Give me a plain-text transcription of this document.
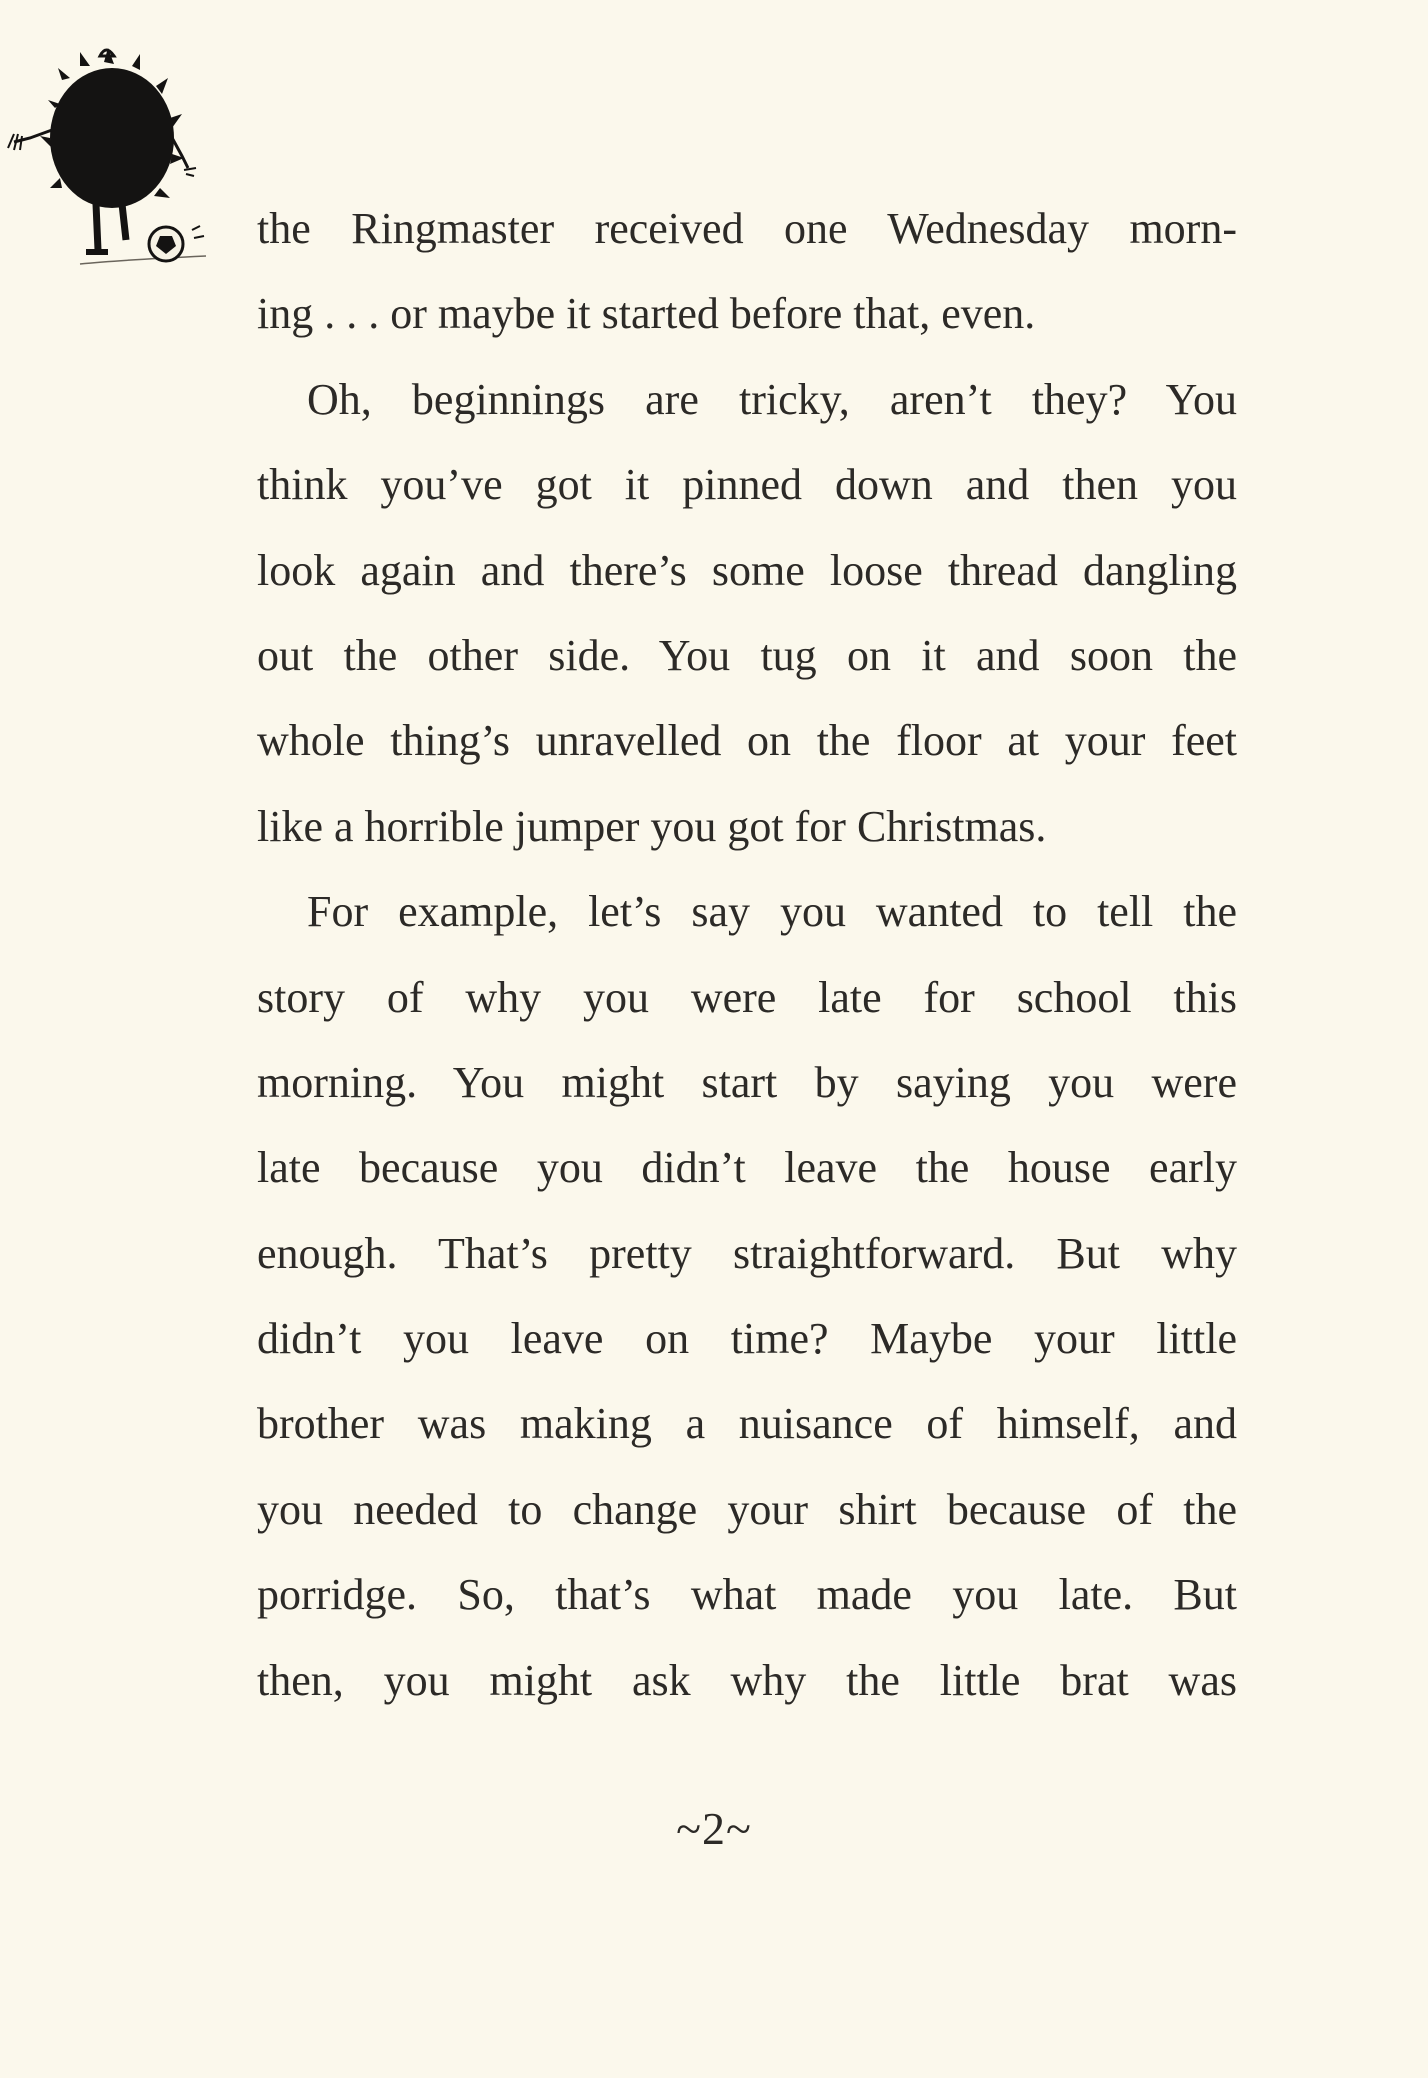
the Ringmaster received one Wednesday morn-
ing . . . or maybe it started before that, even.
Oh, beginnings are tricky, aren’t they? You
think you’ve got it pinned down and then you
look again and there’s some loose thread dangling
out the other side. You tug on it and soon the
whole thing’s unravelled on the floor at your feet
like a horrible jumper you got for Christmas.
For example, let’s say you wanted to tell the
story of why you were late for school this
morning. You might start by saying you were
late because you didn’t leave the house early
enough. That’s pretty straightforward. But why
didn’t you leave on time? Maybe your little
brother was making a nuisance of himself, and
you needed to change your shirt because of the
porridge. So, that’s what made you late. But
then, you might ask why the little brat was
~2~
